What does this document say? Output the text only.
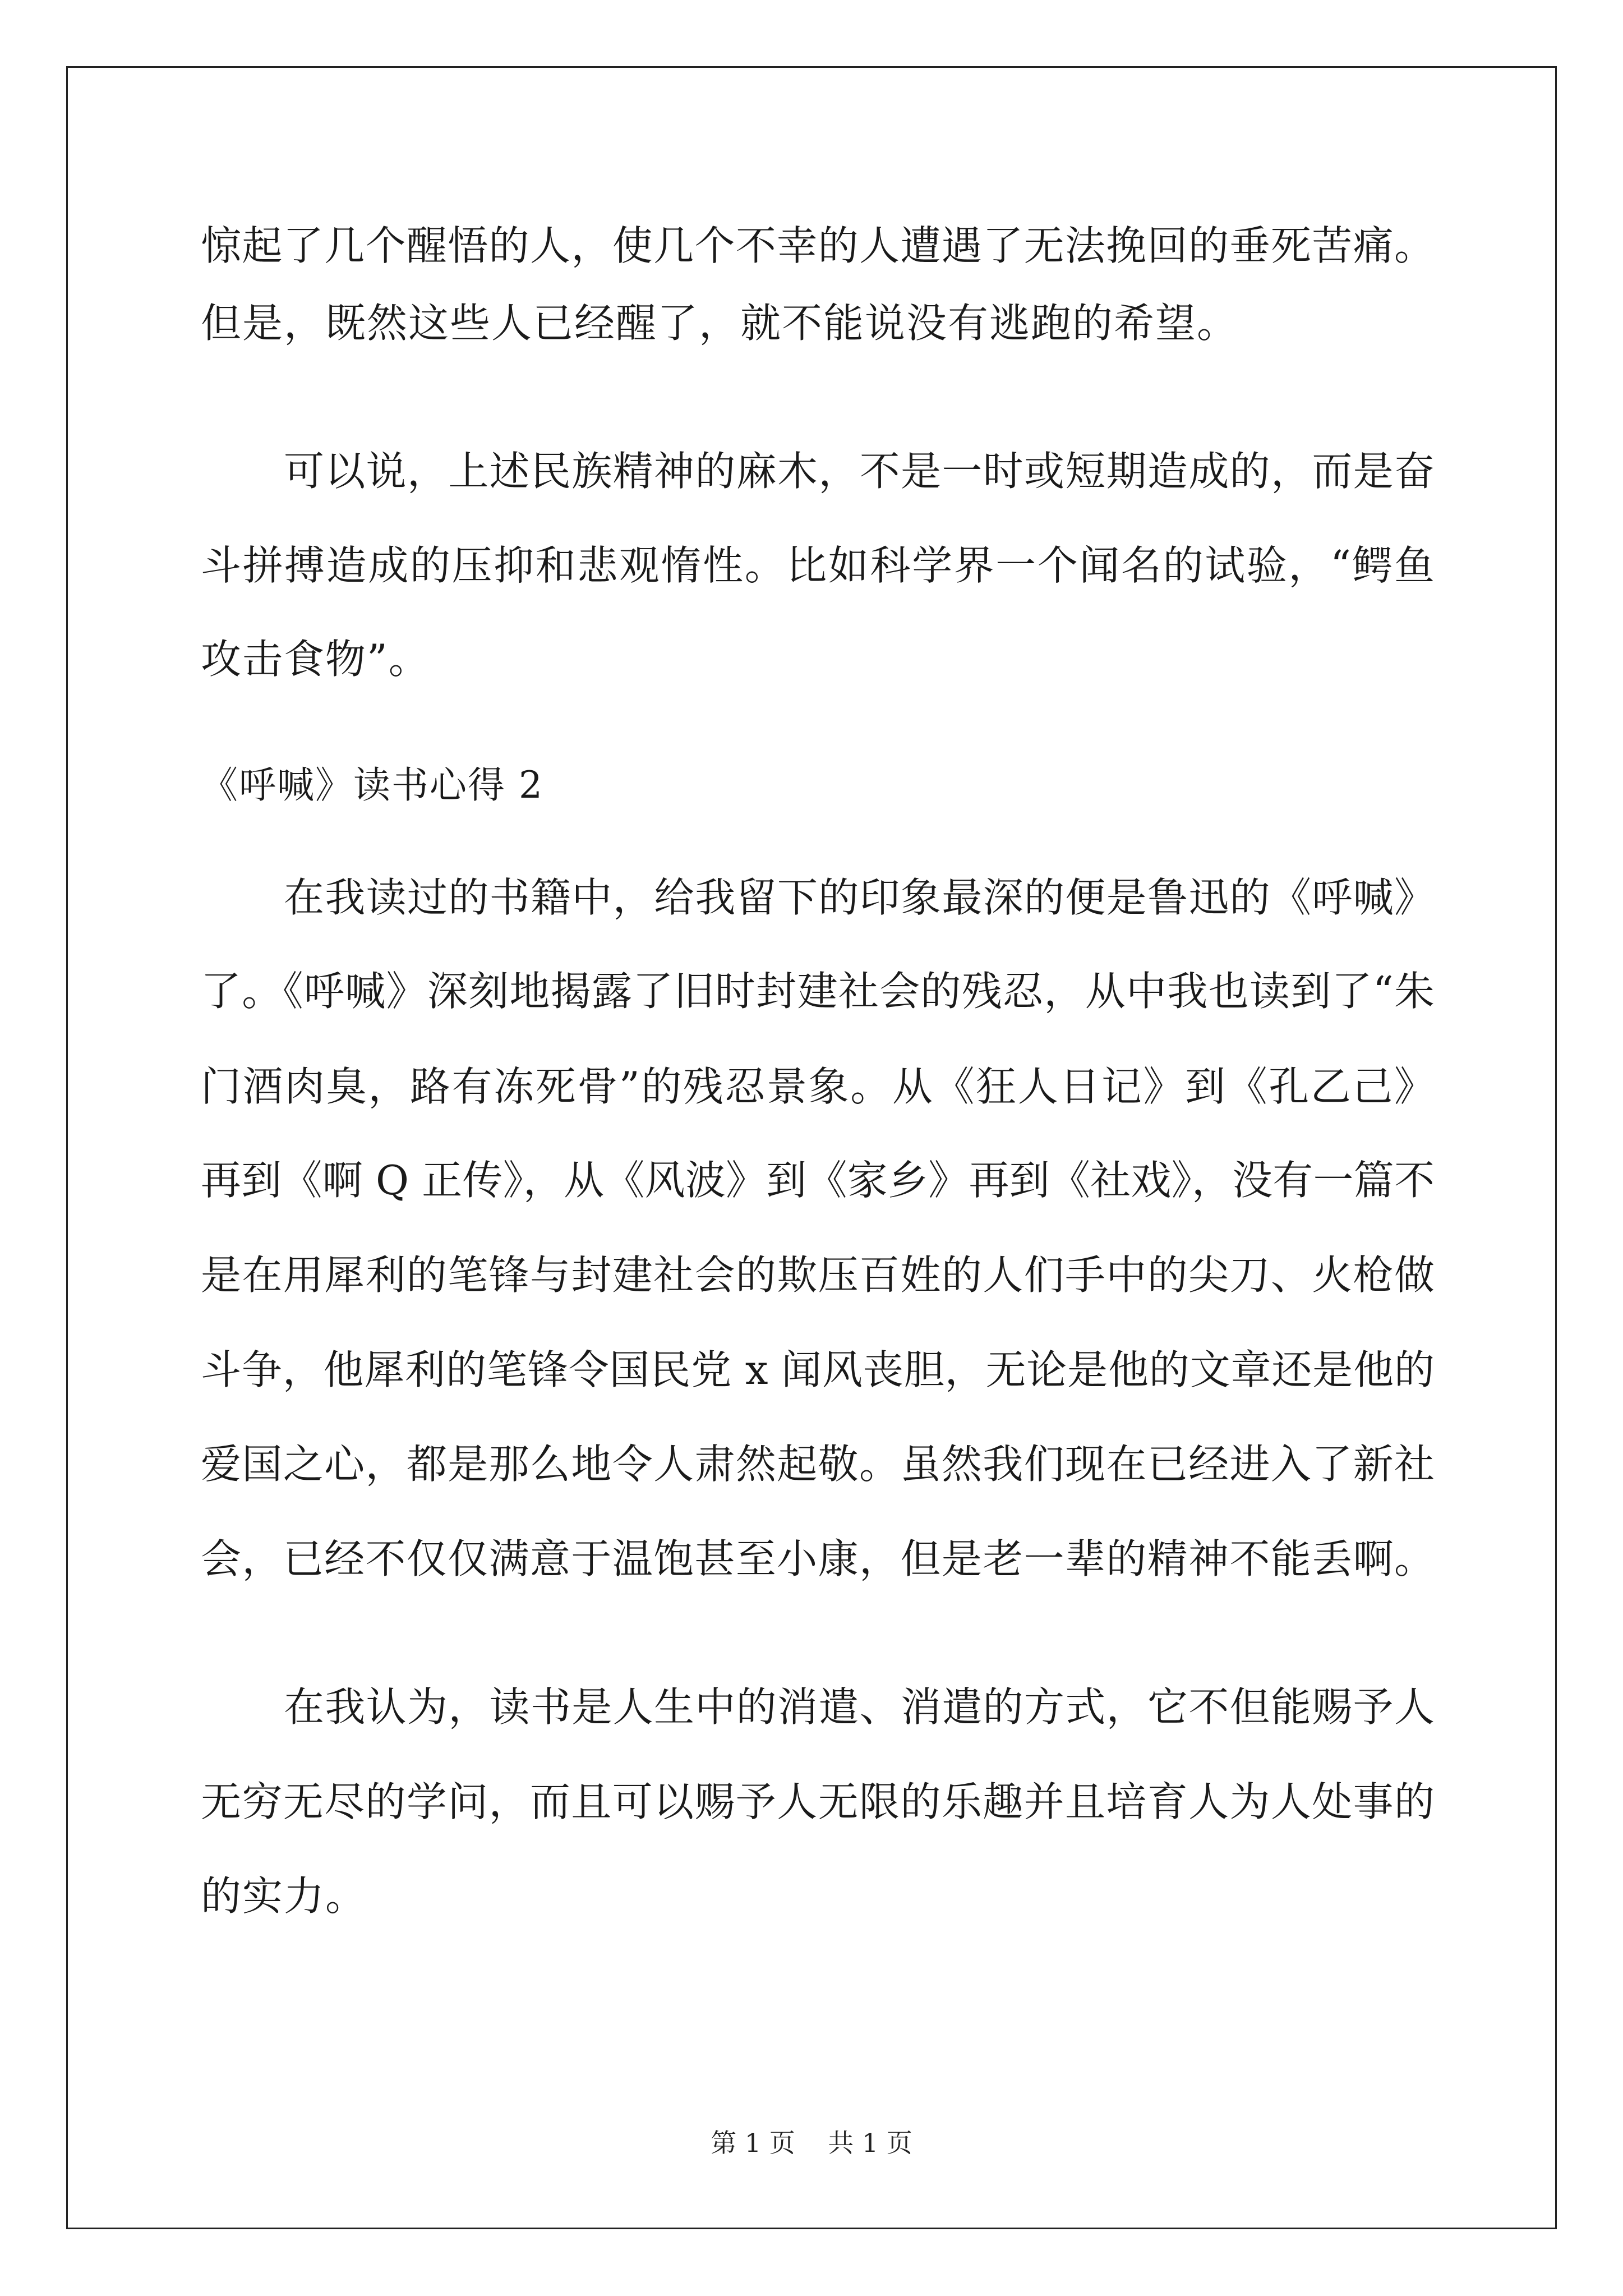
惊起了几个醒悟的人，使几个不幸的人遭遇了无法挽回的垂死苦痛。
但是，既然这些人已经醒了，就不能说没有逃跑的希望。
可以说，上述民族精神的麻木，不是一时或短期造成的，而是奋
斗拼搏造成的压抑和悲观惰性。比如科学界一个闻名的试验，“鳄鱼
攻击食物”。
《呼喊》读书心得 2
在我读过的书籍中，给我留下的印象最深的便是鲁迅的《呼喊》
了。《呼喊》深刻地揭露了旧时封建社会的残忍，从中我也读到了“朱
门酒肉臭，路有冻死骨”的残忍景象。从《狂人日记》到《孔乙己》
再到《啊 Q 正传》，从《风波》到《家乡》再到《社戏》，没有一篇不
是在用犀利的笔锋与封建社会的欺压百姓的人们手中的尖刀、火枪做
斗争，他犀利的笔锋令国民党 x 闻风丧胆，无论是他的文章还是他的
爱国之心，都是那么地令人肃然起敬。虽然我们现在已经进入了新社
会，已经不仅仅满意于温饱甚至小康，但是老一辈的精神不能丢啊。
在我认为，读书是人生中的消遣、消遣的方式，它不但能赐予人
无穷无尽的学问，而且可以赐予人无限的乐趣并且培育人为人处事的
的实力。
第 1 页 共 1 页
